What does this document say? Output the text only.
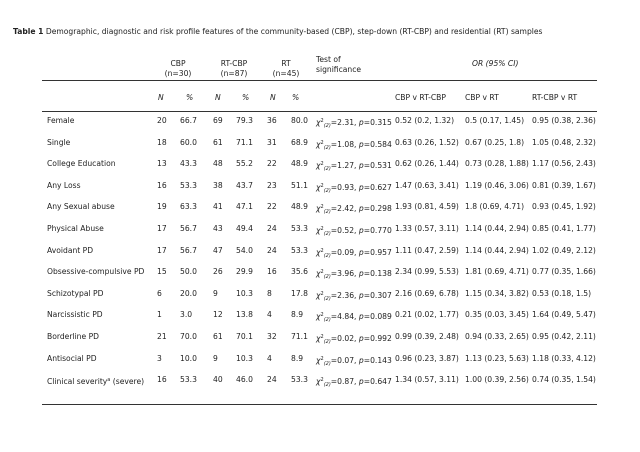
Table 1 Demographic, diagnostic and risk profile features of the community-based (CBP), step-down (RT-CBP) and residential (RT) samples
CBP
(n=30)
RT-CBP
(n=87)
RT
(n=45)
Test of
significance
OR (95% CI)
N	%	N	%	N %	CBP v RT-CBP	CBP v RT	RT-CBP v RT
Female	20 66.7 69 79.3 36 80.0	0.52 (0.2, 1.32) 0.5 (0.17, 1.45) 0.95 (0.38, 2.36)
$\chi^2_{(2)}=2.31$, p=0.315
Single	18 60.0 61 71.1 31 68.9	0.63 (0.26, 1.52) 0.67 (0.25, 1.8) 1.05 (0.48, 2.32)
$\chi^2_{(2)}=1.08$, p=0.584
College Education	13 43.3 48 55.2 22 48.9	0.62 (0.26, 1.44) 0.73 (0.28, 1.88) 1.17 (0.56, 2.43)
$\chi^2_{(2)}=1.27$, p=0.531
Any Loss	16 53.3 38 43.7 23 51.1	1.47 (0.63, 3.41) 1.19 (0.46, 3.06) 0.81 (0.39, 1.67)
$\chi^2_{(2)}=0.93$, p=0.627
Any Sexual abuse	19 63.3 41 47.1 22 48.9	1.93 (0.81, 4.59) 1.8 (0.69, 4.71) 0.93 (0.45, 1.92)
$\chi^2_{(2)}=2.42$, p=0.298
Physical Abuse	17 56.7 43 49.4 24 53.3	1.33 (0.57, 3.11) 1.14 (0.44, 2.94) 0.85 (0.41, 1.77)
$\chi^2_{(2)}=0.52$, p=0.770
Avoidant PD	17 56.7 47 54.0 24 53.3	1.11 (0.47, 2.59) 1.14 (0.44, 2.94) 1.02 (0.49, 2.12)
$\chi^2_{(2)}=0.09$, p=0.957
Obsessive-compulsive PD 15 50.0 26 29.9 16 35.6	2.34 (0.99, 5.53) 1.81 (0.69, 4.71) 0.77 (0.35, 1.66)
$\chi^2_{(2)}=3.96$, p=0.138
Schizotypal PD	6 20.0 9 10.3 8	17.8	2.16 (0.69, 6.78) 1.15 (0.34, 3.82) 0.53 (0.18, 1.5)
$\chi^2_{(2)}=2.36$, p=0.307
Narcissistic PD	1 3.0	12 13.8 4	8.9	0.21 (0.02, 1.77) 0.35 (0.03, 3.45) 1.64 (0.49, 5.47)
$\chi^2_{(2)}=4.84$, p=0.089
Borderline PD	21 70.0 61 70.1 32 71.1	0.99 (0.39, 2.48) 0.94 (0.33, 2.65) 0.95 (0.42, 2.11)
$\chi^2_{(2)}=0.02$, p=0.992
Antisocial PD	3 10.0 9 10.3 4	8.9	0.96 (0.23, 3.87) 1.13 (0.23, 5.63) 1.18 (0.33, 4.12)
$\chi^2_{(2)}=0.07$, p=0.143
Clinical severity$^a$ (severe) 16 53.3 40 46.0 24 53.3	1.34 (0.57, 3.11) 1.00 (0.39, 2.56) 0.74 (0.35, 1.54)
$\chi^2_{(2)}=0.87$, p=0.647
